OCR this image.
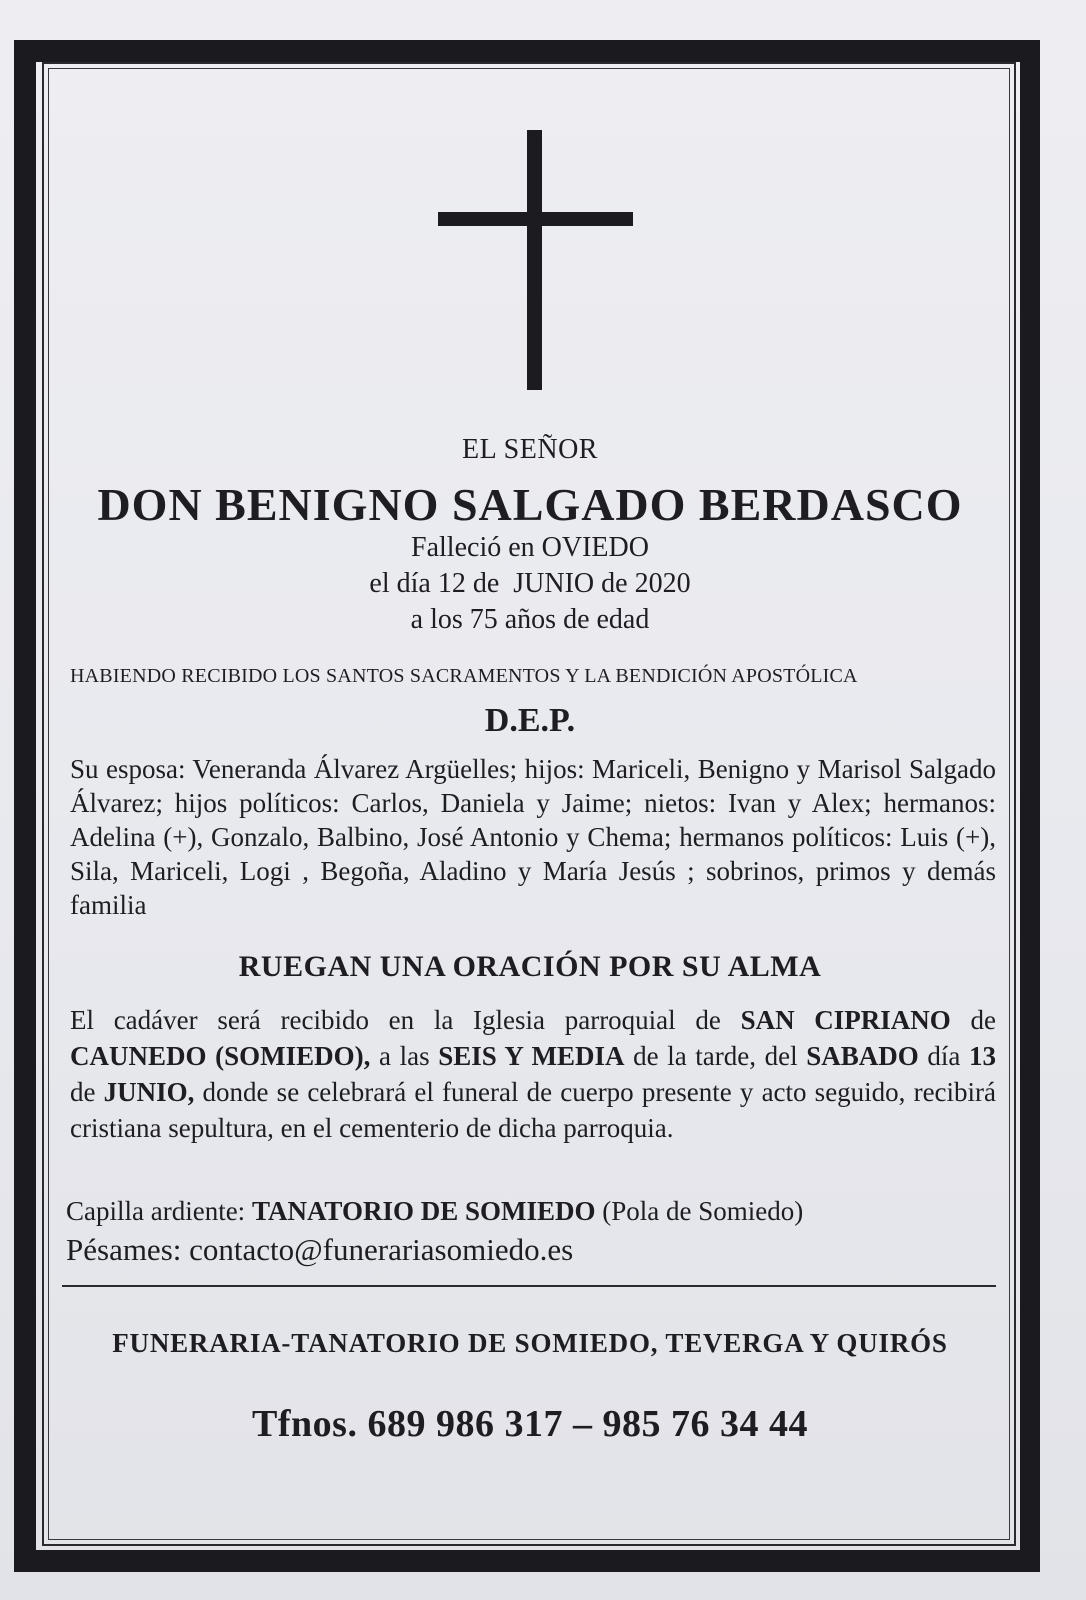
EL SEÑOR
DON BENIGNO SALGADO BERDASCO
Falleció en OVIEDO
el día 12 de  JUNIO de 2020
a los 75 años de edad
HABIENDO RECIBIDO LOS SANTOS SACRAMENTOS Y LA BENDICIÓN APOSTÓLICA
D.E.P.
Su esposa: Veneranda Álvarez Argüelles; hijos: Mariceli, Benigno y Marisol Salgado Álvarez; hijos políticos: Carlos, Daniela y Jaime; nietos: Ivan y Alex; hermanos: Adelina (+), Gonzalo, Balbino, José Antonio y Chema; hermanos políticos: Luis (+), Sila, Mariceli, Logi , Begoña, Aladino y María Jesús ; sobrinos, primos y demás familia
RUEGAN UNA ORACIÓN POR SU ALMA
El cadáver será recibido en la Iglesia parroquial de SAN CIPRIANO de CAUNEDO (SOMIEDO), a las SEIS Y MEDIA de la tarde, del SABADO día 13 de JUNIO, donde se celebrará el funeral de cuerpo presente y acto seguido, recibirá cristiana sepultura, en el cementerio de dicha parroquia.
Capilla ardiente: TANATORIO DE SOMIEDO (Pola de Somiedo)
Pésames: contacto@funerariasomiedo.es
FUNERARIA-TANATORIO DE SOMIEDO, TEVERGA Y QUIRÓS
Tfnos. 689 986 317 – 985 76 34 44
